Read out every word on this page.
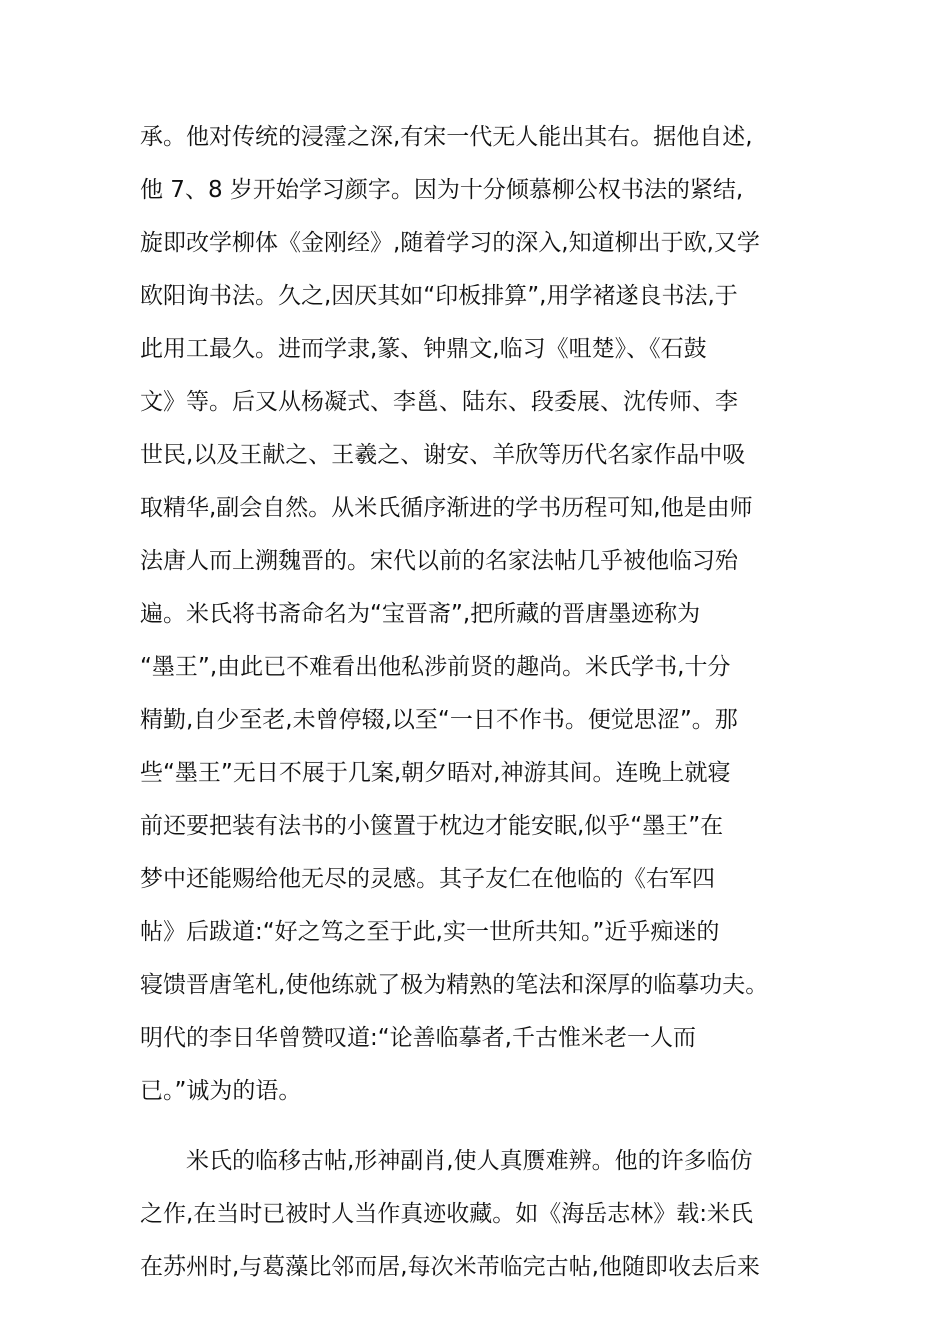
承。他对传统的浸霪之深,有宋一代无人能出其右。据他自述,
他 7、8 岁开始学习颜字。因为十分倾慕柳公权书法的紧结,
旋即改学柳体《金刚经》,随着学习的深入,知道柳出于欧,又学
欧阳询书法。久之,因厌其如“印板排算”,用学褚遂良书法,于
此用工最久。进而学隶,篆、钟鼎文,临习《咀楚》、《石鼓
文》等。后又从杨凝式、李邕、陆东、段委展、沈传师、李
世民,以及王献之、王羲之、谢安、羊欣等历代名家作品中吸
取精华,副会自然。从米氏循序渐进的学书历程可知,他是由师
法唐人而上溯魏晋的。宋代以前的名家法帖几乎被他临习殆
遍。米氏将书斋命名为“宝晋斋”,把所藏的晋唐墨迹称为
“墨王”,由此已不难看出他私涉前贤的趣尚。米氏学书,十分
精勤,自少至老,未曾停辍,以至“一日不作书。便觉思涩”。那
些“墨王”无日不展于几案,朝夕晤对,神游其间。连晚上就寝
前还要把装有法书的小箧置于枕边才能安眠,似乎“墨王”在
梦中还能赐给他无尽的灵感。其子友仁在他临的《右军四
帖》后跋道:“好之笃之至于此,实一世所共知。”近乎痴迷的
寝馈晋唐笔札,使他练就了极为精熟的笔法和深厚的临摹功夫。
明代的李日华曾赞叹道:“论善临摹者,千古惟米老一人而
已。”诚为的语。
米氏的临移古帖,形神副肖,使人真赝难辨。他的许多临仿
之作,在当时已被时人当作真迹收藏。如《海岳志林》载:米氏
在苏州时,与葛藻比邻而居,每次米芾临完古帖,他随即收去后来
